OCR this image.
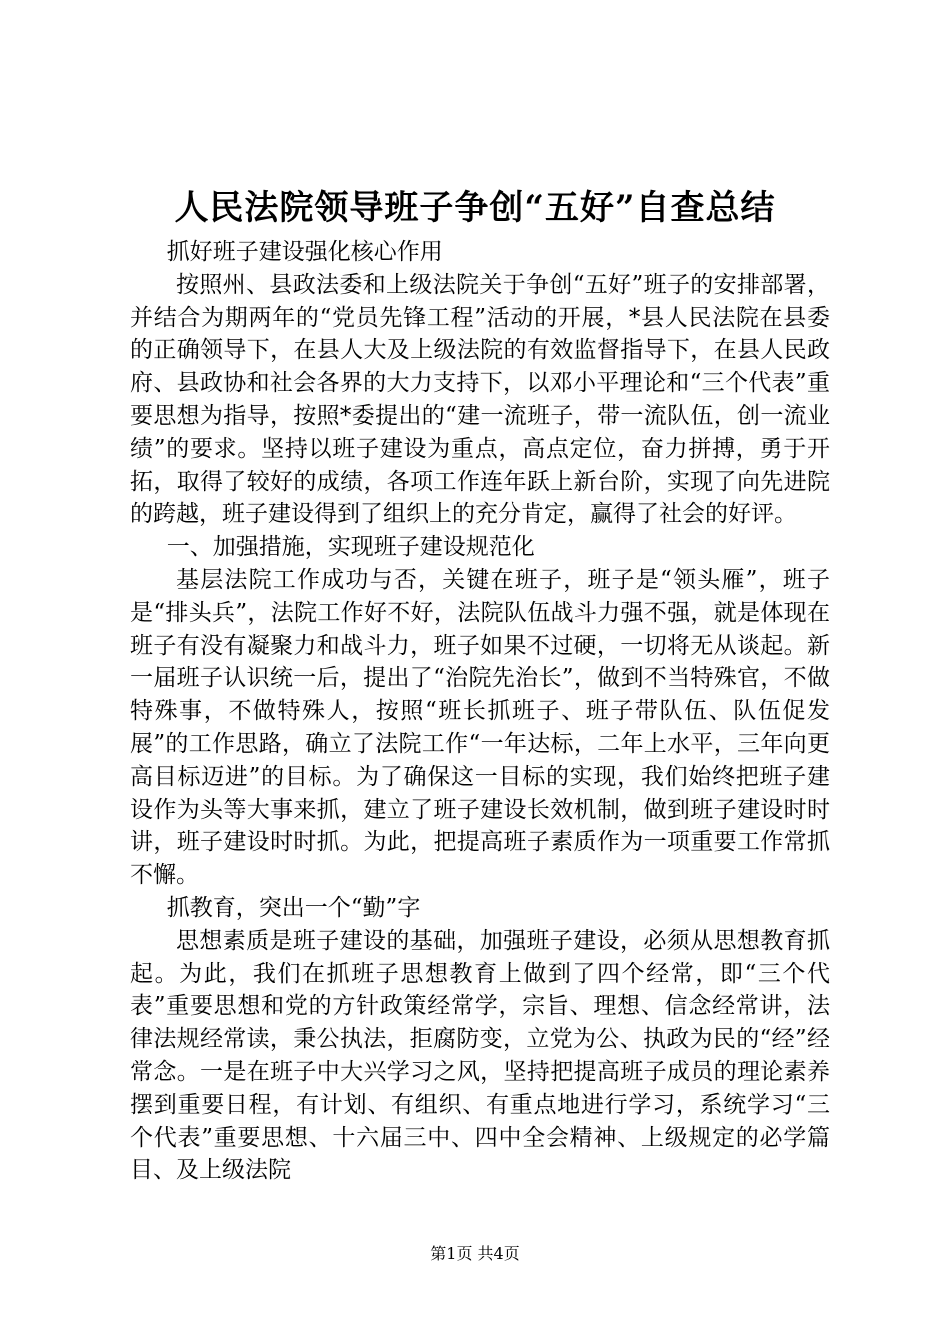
人民法院领导班子争创“五好”自查总结

抓好班子建设强化核心作用

按照州、县政法委和上级法院关于争创“五好”班子的安排部署，并结合为期两年的“党员先锋工程”活动的开展，*县人民法院在县委的正确领导下，在县人大及上级法院的有效监督指导下，在县人民政府、县政协和社会各界的大力支持下，以邓小平理论和“三个代表”重要思想为指导，按照*委提出的“建一流班子，带一流队伍，创一流业绩”的要求。坚持以班子建设为重点，高点定位，奋力拼搏，勇于开拓，取得了较好的成绩，各项工作连年跃上新台阶，实现了向先进院的跨越，班子建设得到了组织上的充分肯定，赢得了社会的好评。

一、加强措施，实现班子建设规范化

基层法院工作成功与否，关键在班子，班子是“领头雁”，班子是“排头兵”，法院工作好不好，法院队伍战斗力强不强，就是体现在班子有没有凝聚力和战斗力，班子如果不过硬，一切将无从谈起。新一届班子认识统一后，提出了“治院先治长”，做到不当特殊官，不做特殊事，不做特殊人，按照“班长抓班子、班子带队伍、队伍促发展”的工作思路，确立了法院工作“一年达标，二年上水平，三年向更高目标迈进”的目标。为了确保这一目标的实现，我们始终把班子建设作为头等大事来抓，建立了班子建设长效机制，做到班子建设时时讲，班子建设时时抓。为此，把提高班子素质作为一项重要工作常抓不懈。

抓教育，突出一个“勤”字

思想素质是班子建设的基础，加强班子建设，必须从思想教育抓起。为此，我们在抓班子思想教育上做到了四个经常，即“三个代表”重要思想和党的方针政策经常学，宗旨、理想、信念经常讲，法律法规经常读，秉公执法，拒腐防变，立党为公、执政为民的“经”经常念。一是在班子中大兴学习之风，坚持把提高班子成员的理论素养摆到重要日程，有计划、有组织、有重点地进行学习，系统学习“三个代表”重要思想、十六届三中、四中全会精神、上级规定的必学篇目、及上级法院

第1页 共4页
